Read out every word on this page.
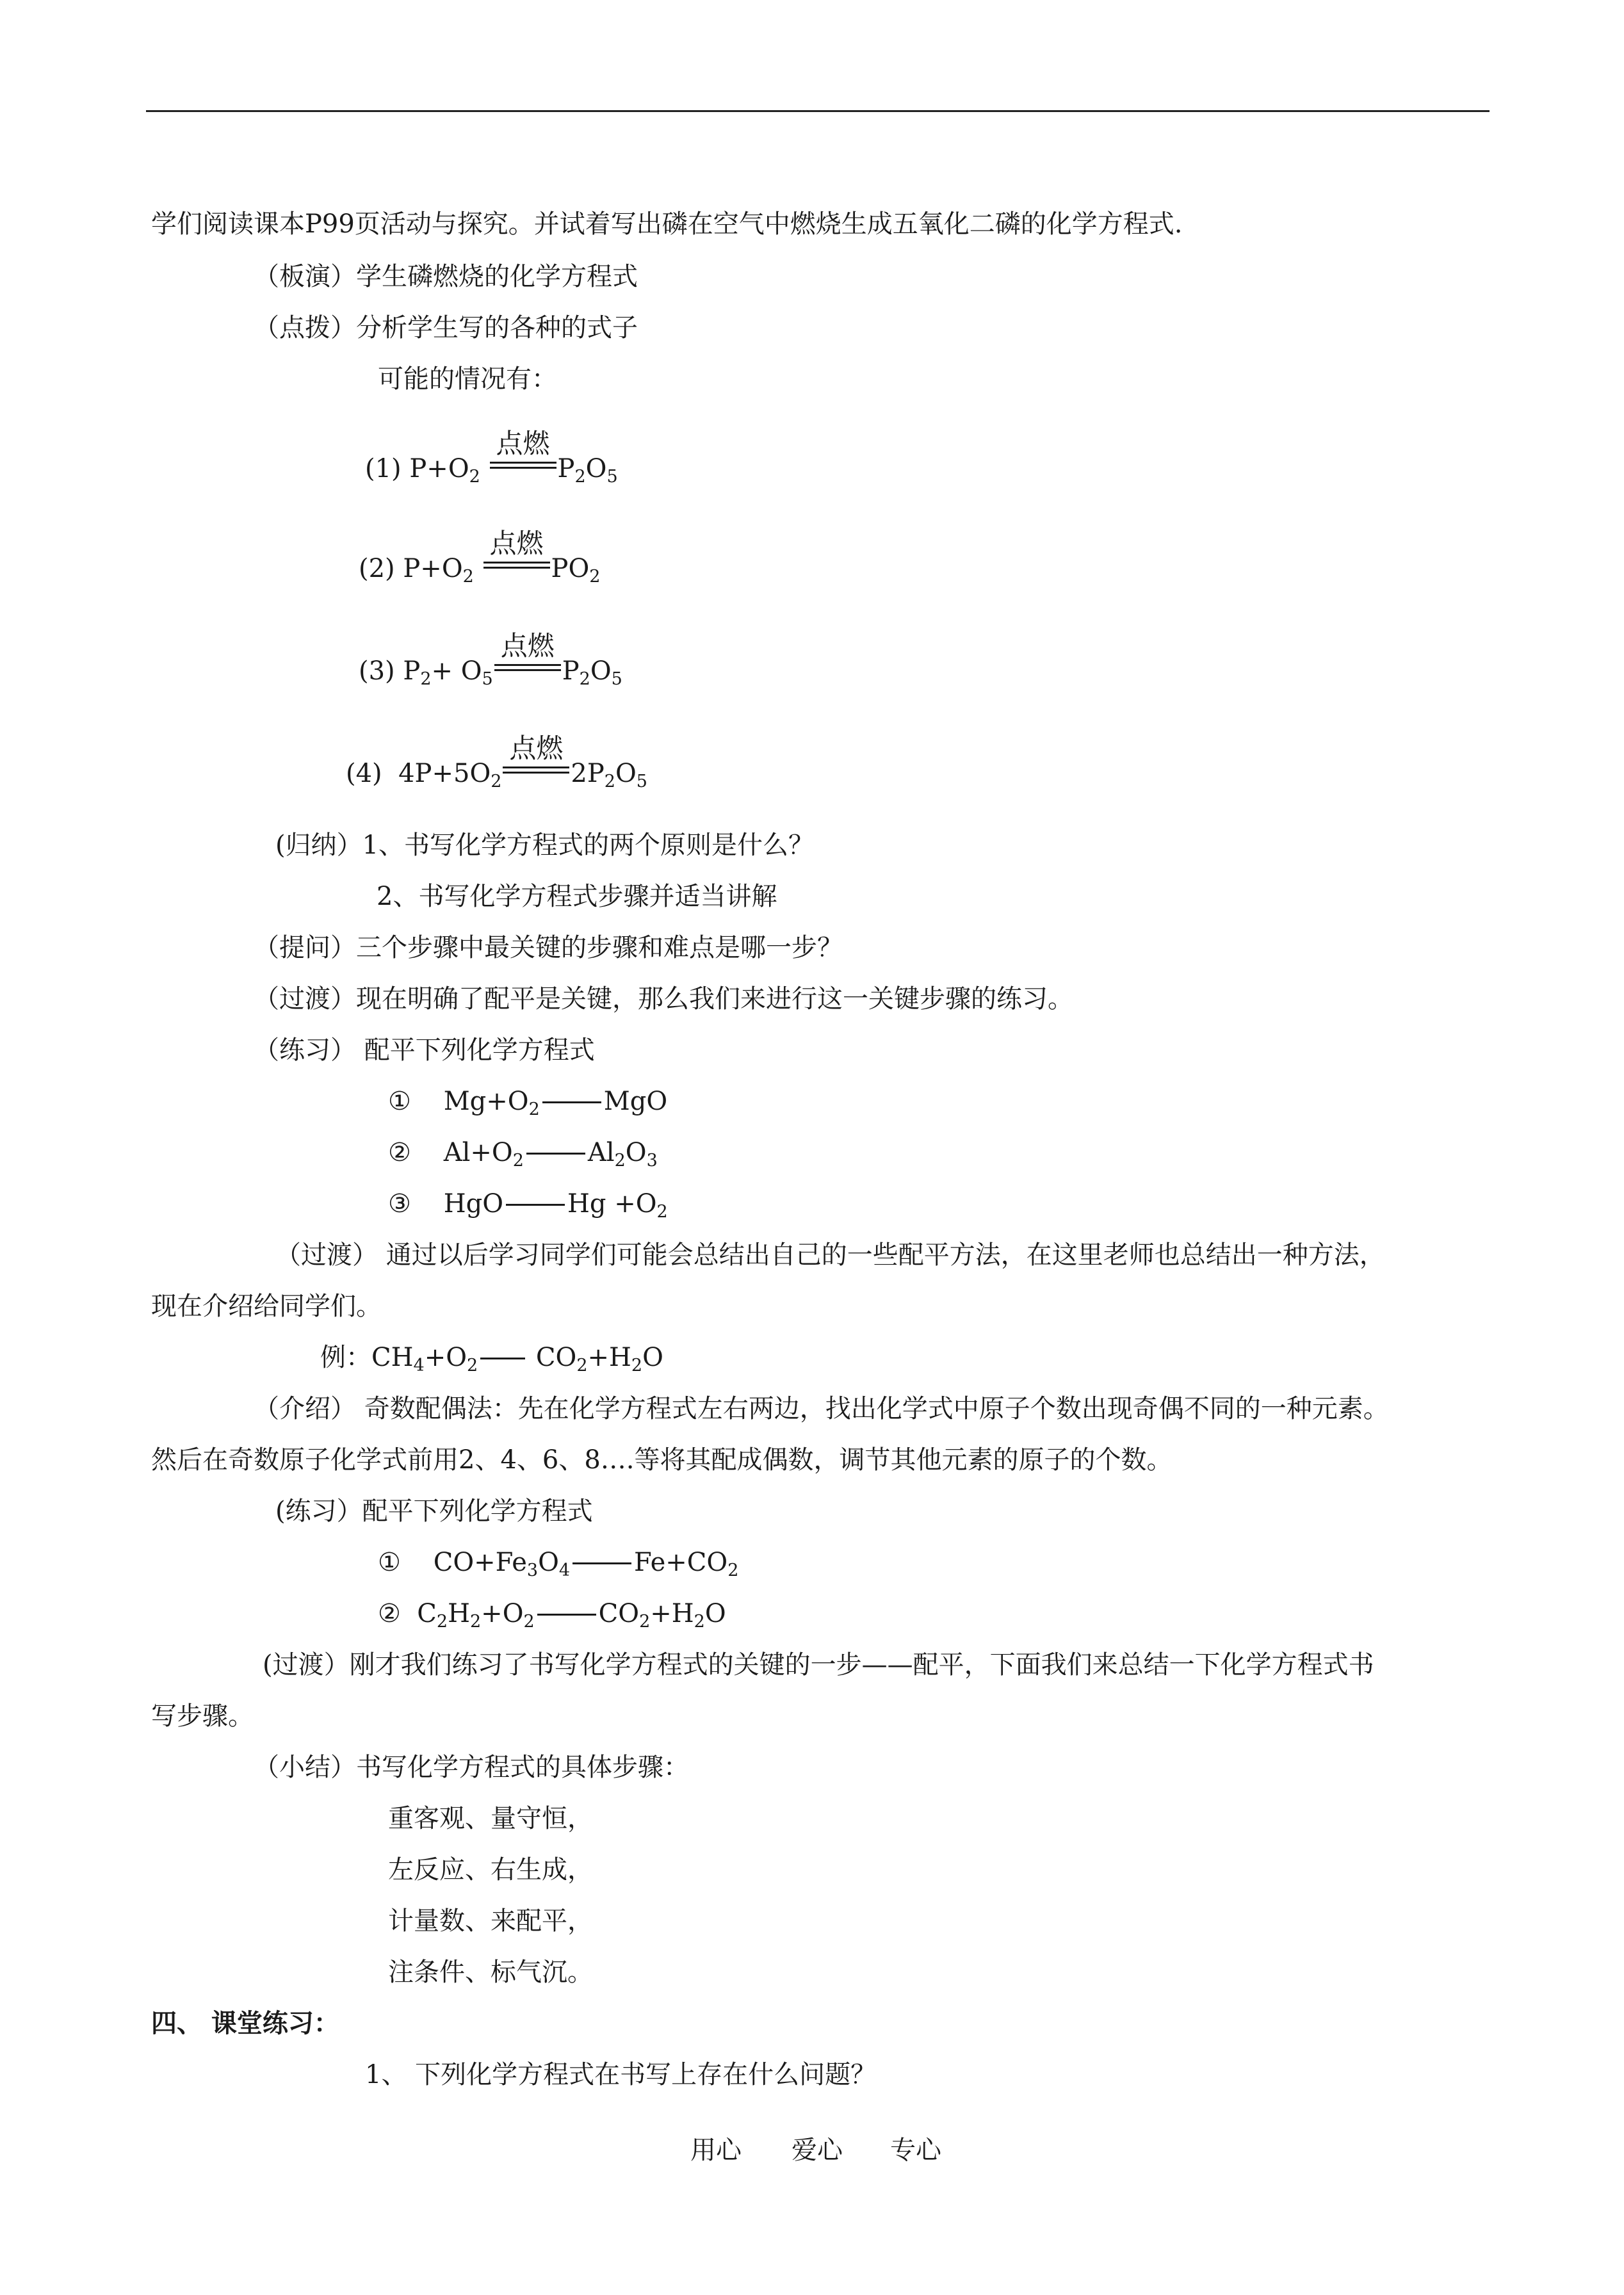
学们阅读课本P99页活动与探究。并试着写出磷在空气中燃烧生成五氧化二磷的化学方程式.
（板演）学生磷燃烧的化学方程式
（点拨）分析学生写的各种的式子
可能的情况有：
(1) $P+O_2$
点燃
$P_2O_5$
(2) $P+O_2$
点燃
$PO_2$
(3) $P_2+ O_5$
点燃
$P_2O_5$
(4) $4P+5O_2$
点燃
$2P_2O_5$
(归纳）1、书写化学方程式的两个原则是什么？
2、书写化学方程式步骤并适当讲解
（提问）三个步骤中最关键的步骤和难点是哪一步？
（过渡）现在明确了配平是关键，那么我们来进行这一关键步骤的练习。
（练习） 配平下列化学方程式
① $Mg+O_2$	MgO
② $Al+O_2$	$Al_2O_3$
③ HgO	$Hg +O_2$
（过渡） 通过以后学习同学们可能会总结出自己的一些配平方法，在这里老师也总结出一种方法，
现在介绍给同学们。
例：$CH_4+O_2$ $CO_2+H_2O$
（介绍） 奇数配偶法：先在化学方程式左右两边，找出化学式中原子个数出现奇偶不同的一种元素。
然后在奇数原子化学式前用2、4、6、8….等将其配成偶数，调节其他元素的原子的个数。
(练习）配平下列化学方程式
① $CO+Fe_3O_4$	$Fe+CO_2$
② $C_2H_2+O_2$	$CO_2+H_2O$
(过渡）刚才我们练习了书写化学方程式的关键的一步——配平，下面我们来总结一下化学方程式书
写步骤。
（小结）书写化学方程式的具体步骤：
重客观、量守恒，
左反应、右生成，
计量数、来配平，
注条件、标气沉。
四、 课堂练习：
1、 下列化学方程式在书写上存在什么问题？
用心 爱心 专心
